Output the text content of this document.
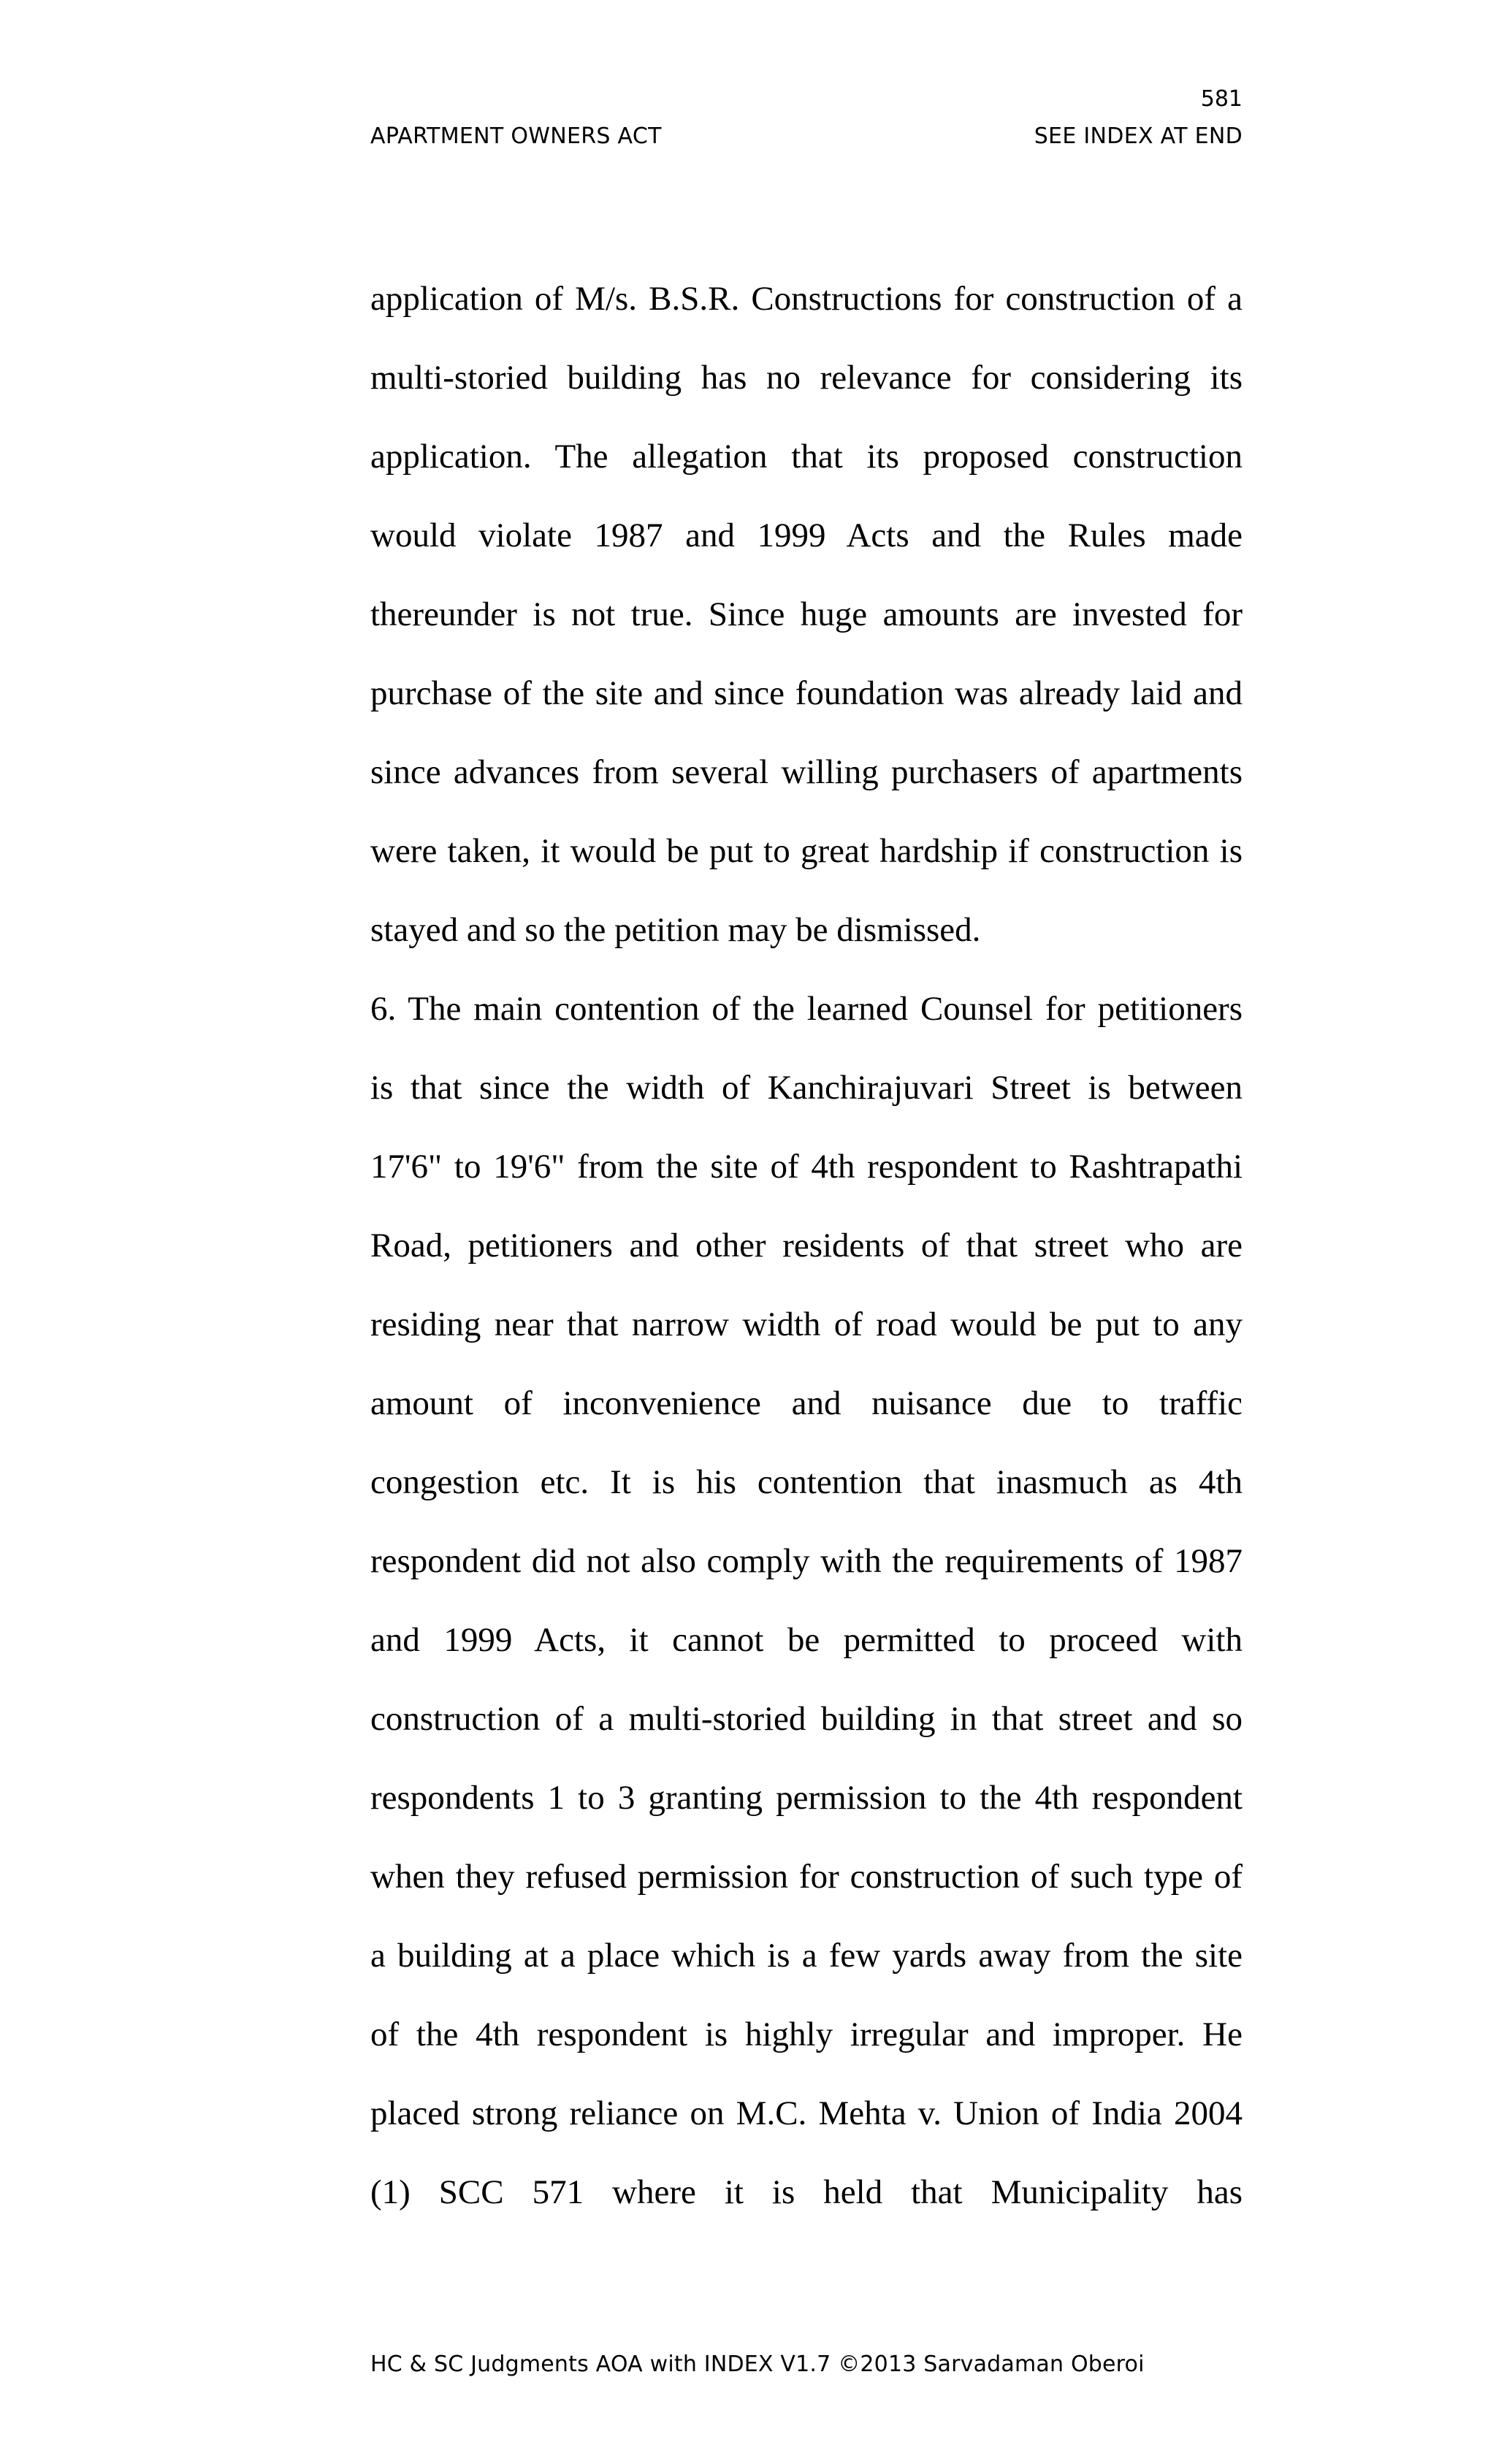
581
APARTMENT OWNERS ACT	SEE INDEX AT END
application of M/s. B.S.R. Constructions for construction of a
multi-storied building has no relevance for considering its
application. The allegation that its proposed construction
would violate 1987 and 1999 Acts and the Rules made
thereunder is not true. Since huge amounts are invested for
purchase of the site and since foundation was already laid and
since advances from several willing purchasers of apartments
were taken, it would be put to great hardship if construction is
stayed and so the petition may be dismissed.
6. The main contention of the learned Counsel for petitioners
is that since the width of Kanchirajuvari Street is between
17'6" to 19'6" from the site of 4th respondent to Rashtrapathi
Road, petitioners and other residents of that street who are
residing near that narrow width of road would be put to any
amount of inconvenience and nuisance due to traffic
congestion etc. It is his contention that inasmuch as 4th
respondent did not also comply with the requirements of 1987
and 1999 Acts, it cannot be permitted to proceed with
construction of a multi-storied building in that street and so
respondents 1 to 3 granting permission to the 4th respondent
when they refused permission for construction of such type of
a building at a place which is a few yards away from the site
of the 4th respondent is highly irregular and improper. He
placed strong reliance on M.C. Mehta v. Union of India 2004
(1) SCC 571 where it is held that Municipality has
HC & SC Judgments AOA with INDEX V1.7 ©2013 Sarvadaman Oberoi
